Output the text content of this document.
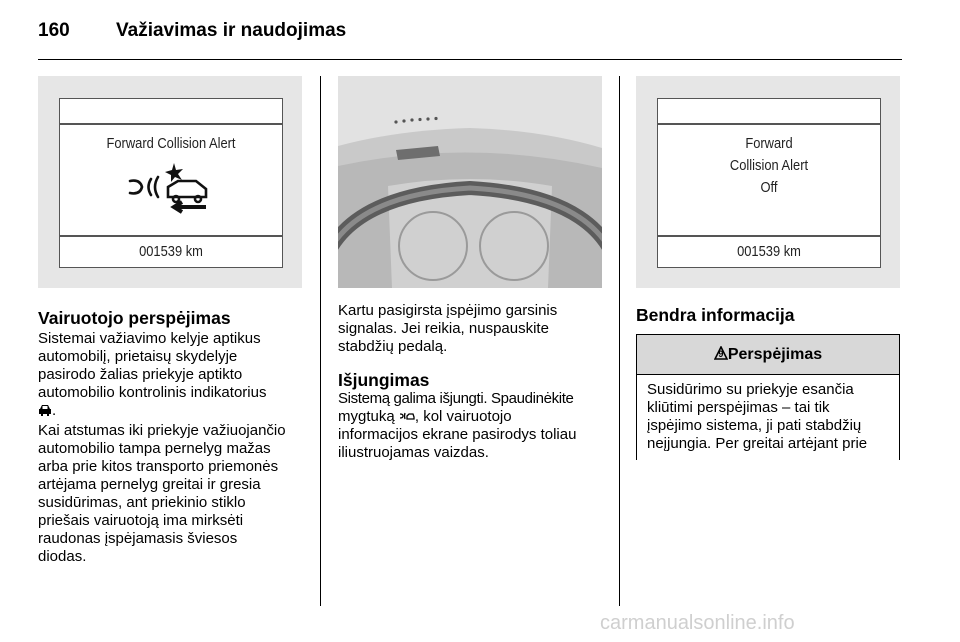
160 Važiavimas ir naudojimas
Forward Collision Alert
001539 km
Forward
Collision Alert
Off
001539 km
Vairuotojo perspėjimas
Sistemai važiavimo kelyje aptikus
automobilį, prietaisų skydelyje
pasirodo žalias priekyje aptikto
automobilio kontrolinis indikatorius
.
Kai atstumas iki priekyje važiuojančio
automobilio tampa pernelyg mažas
arba prie kitos transporto priemonės
artėjama pernelyg greitai ir gresia
susidūrimas, ant priekinio stiklo
priešais vairuotoją ima mirksėti
raudonas įspėjamasis šviesos
diodas.
Kartu pasigirsta įspėjimo garsinis
signalas. Jei reikia, nuspauskite
stabdžių pedalą.
Išjungimas
Sistemą galima išjungti. Spaudinėkite
mygtuką , kol vairuotojo
informacijos ekrane pasirodys toliau
iliustruojamas vaizdas.
Bendra informacija
9 Perspėjimas
Susidūrimo su priekyje esančia
kliūtimi perspėjimas – tai tik
įspėjimo sistema, ji pati stabdžių
neįjungia. Per greitai artėjant prie
carmanualsonline.info
